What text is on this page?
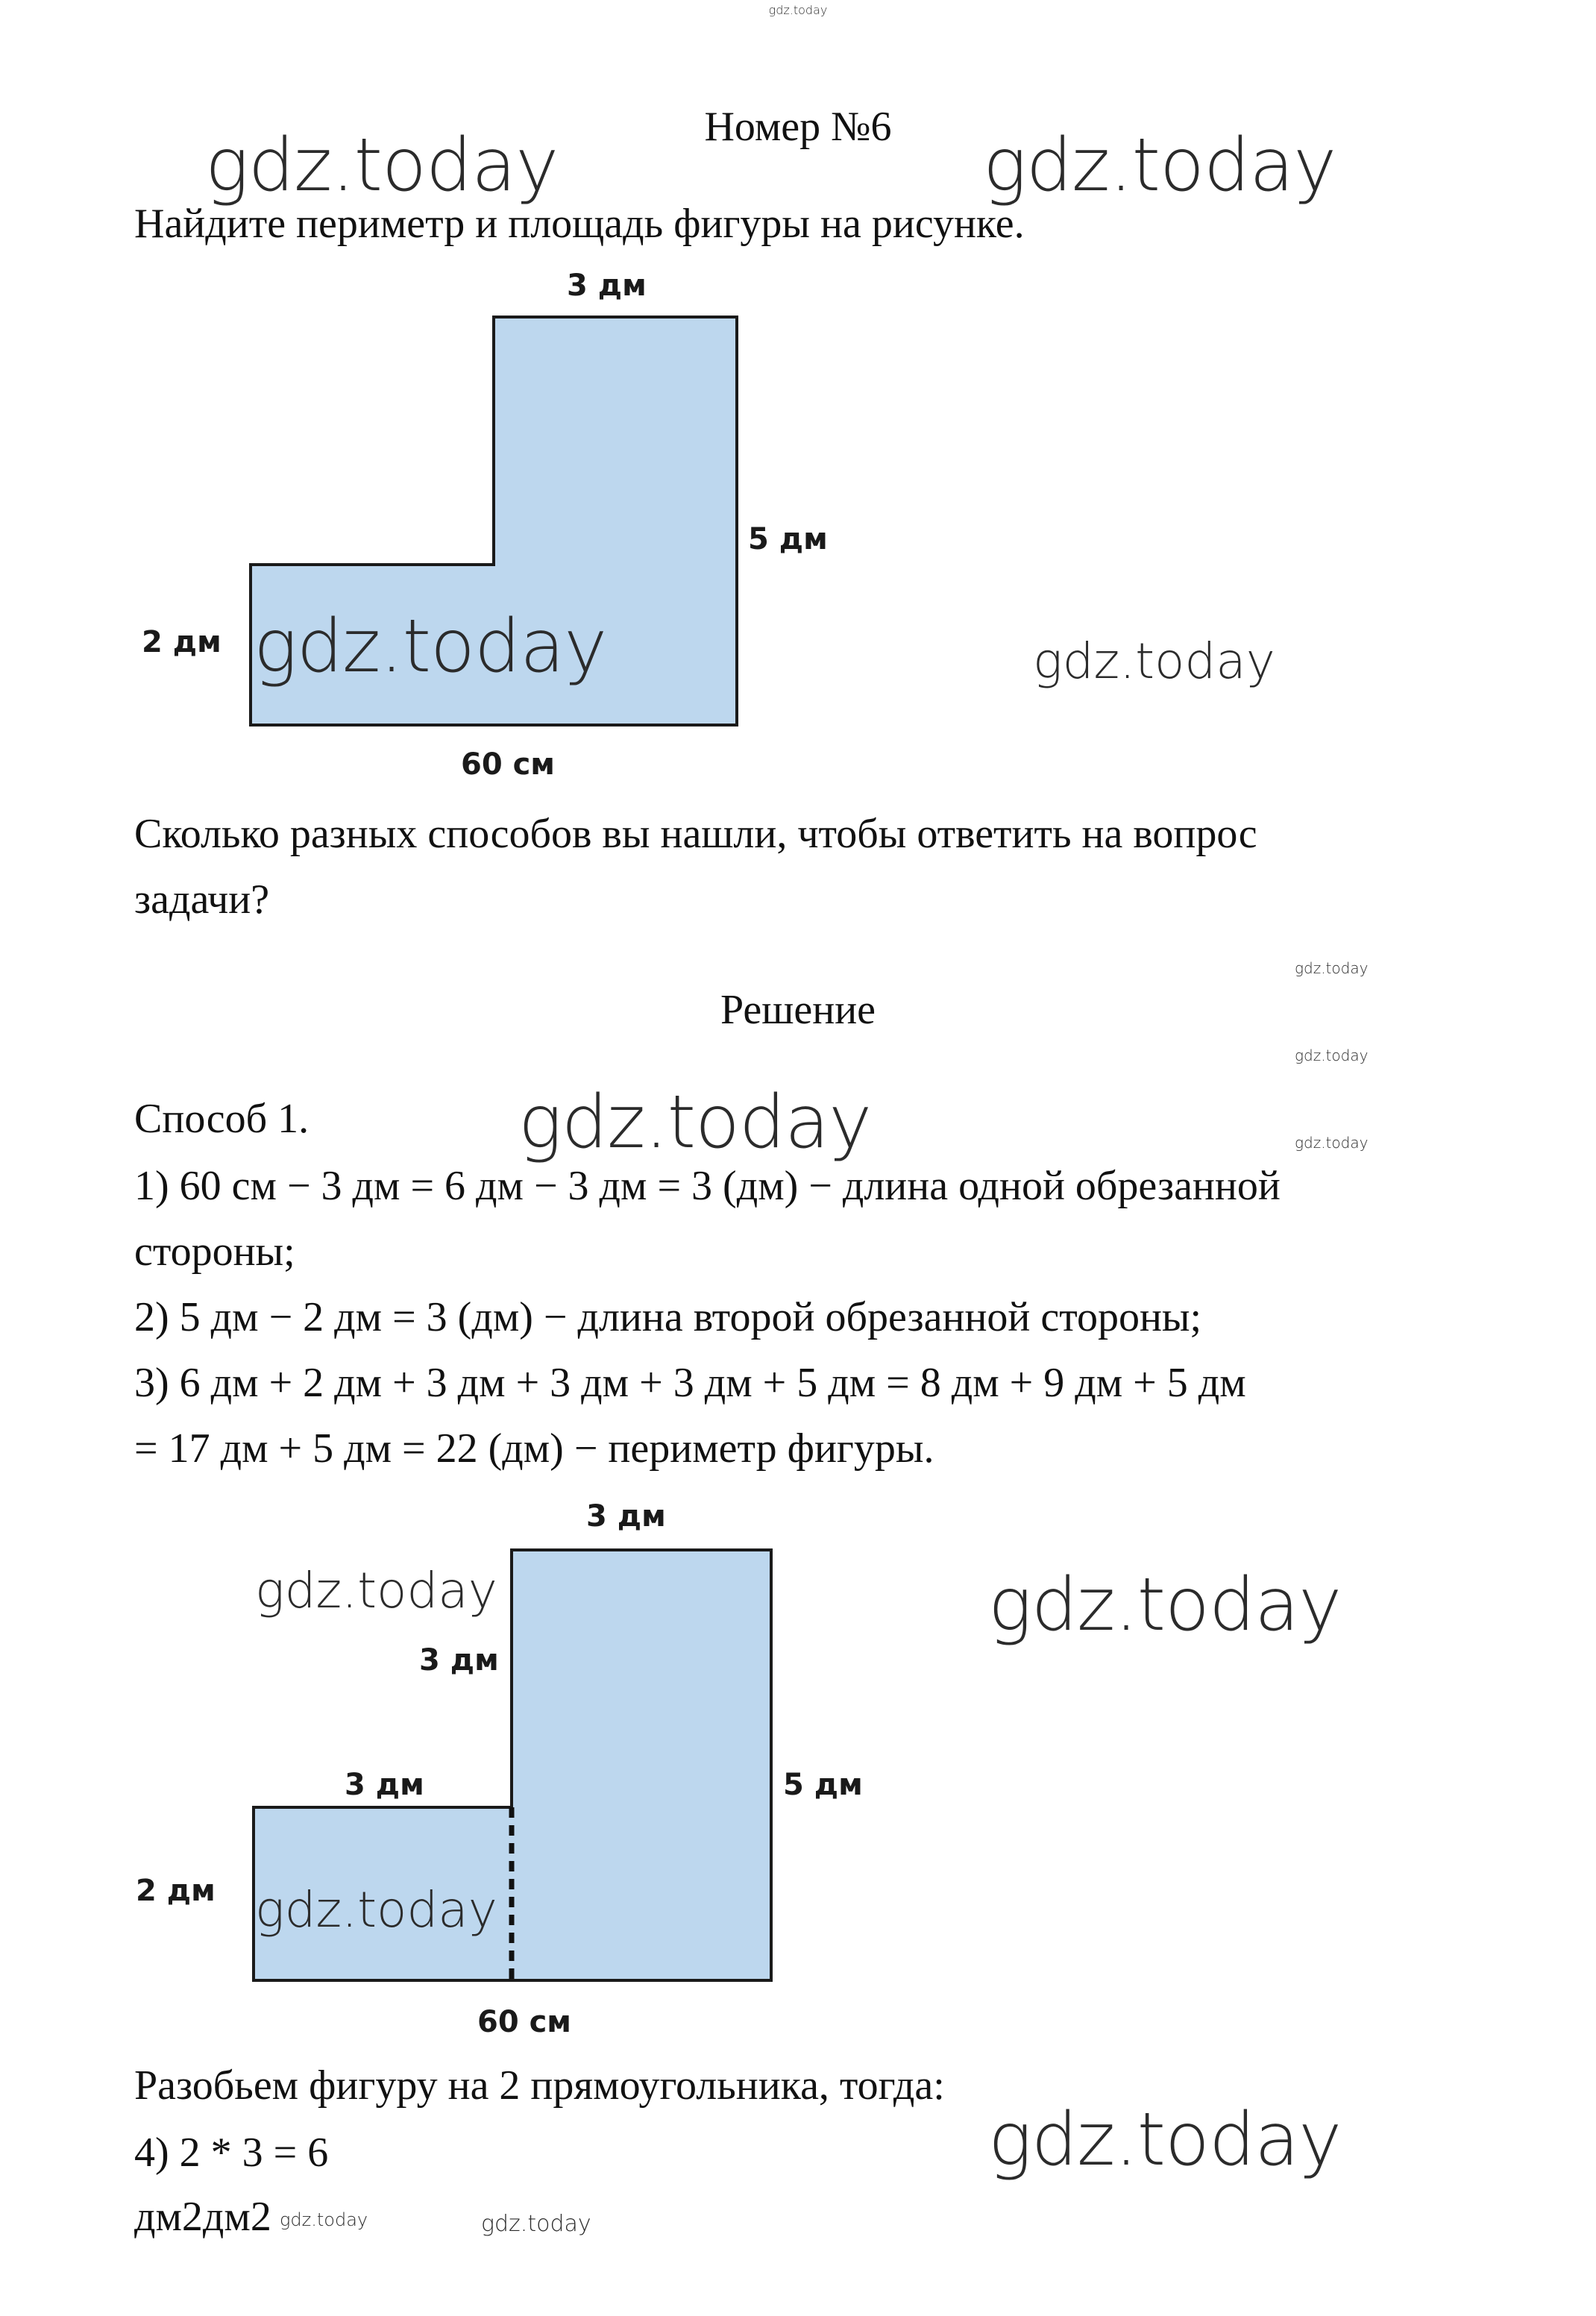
gdz.today
Номер №6
gdz.today	gdz.today
Найдите периметр и площадь фигуры на рисунке.
3 дм
5 дм
2 дм
60 см
gdz.today	gdz.today
Сколько разных способов вы нашли, чтобы ответить на вопрос
задачи?
gdz.today
gdz.today
gdz.today
Решение
Способ 1.	gdz.today
1) 60 см − 3 дм = 6 дм − 3 дм = 3 (дм) − длина одной обрезанной
стороны;
2) 5 дм − 2 дм = 3 (дм) − длина второй обрезанной стороны;
3) 6 дм + 2 дм + 3 дм + 3 дм + 3 дм + 5 дм = 8 дм + 9 дм + 5 дм
= 17 дм + 5 дм = 22 (дм) − периметр фигуры.
3 дм
3 дм
3 дм	5 дм
2 дм
60 см
gdz.today
gdz.today
gdz.today
Разобьем фигуру на 2 прямоугольника, тогда:
4) 2 * 3 = 6	gdz.today
дм2дм2 gdz.today	gdz.today
